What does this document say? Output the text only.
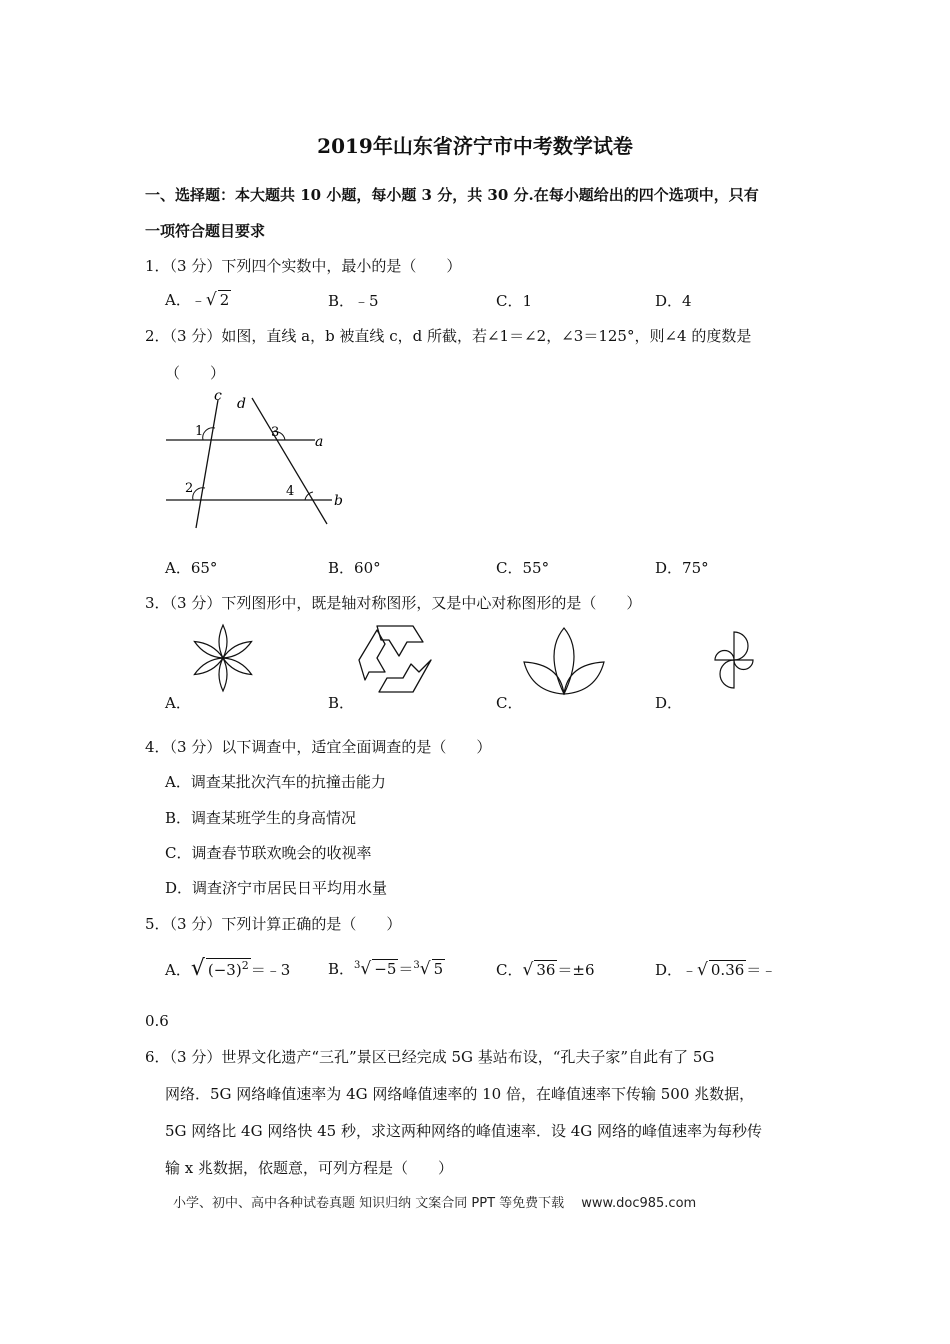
2019年山东省济宁市中考数学试卷
一、选择题：本大题共 10 小题，每小题 3 分，共 30 分.在每小题给出的四个选项中，只有
一项符合题目要求
1．（3 分）下列四个实数中，最小的是（　　）
A．﹣√ 2	B．﹣5	C．1	D．4
2．（3 分）如图，直线 a，b 被直线 c，d 所截，若∠1＝∠2，∠3＝125°，则∠4 的度数是
（　　）
c d
1
2
3
4
a
b
A．65°	B．60°	C．55°	D．75°
3．（3 分）下列图形中，既是轴对称图形，又是中心对称图形的是（　　）
A．	B．	C．	D．
4．（3 分）以下调查中，适宜全面调查的是（　　）
A．调查某批次汽车的抗撞击能力
B．调查某班学生的身高情况
C．调查春节联欢晚会的收视率
D．调查济宁市居民日平均用水量
5．（3 分）下列计算正确的是（　　）
A．√ $(-3)^2$ ＝﹣3	B．$^3$√ −5 ＝$^3$√ 5	C．√ 36 ＝±6	D．﹣√ 0.36 ＝﹣
0.6
6．（3 分）世界文化遗产“三孔”景区已经完成 5G 基站布设，“孔夫子家”自此有了 5G
网络．5G 网络峰值速率为 4G 网络峰值速率的 10 倍，在峰值速率下传输 500 兆数据，
5G 网络比 4G 网络快 45 秒，求这两种网络的峰值速率．设 4G 网络的峰值速率为每秒传
输 x 兆数据，依题意，可列方程是（　　）
小学、初中、高中各种试卷真题 知识归纳 文案合同 PPT 等免费下载 　www.doc985.com
